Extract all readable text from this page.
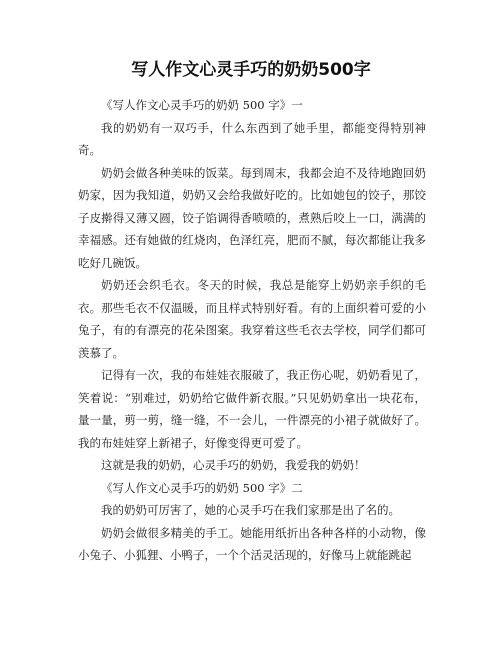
写人作文心灵手巧的奶奶500字

《写人作文心灵手巧的奶奶 500 字》一

我的奶奶有一双巧手，什么东西到了她手里，都能变得特别神奇。

奶奶会做各种美味的饭菜。每到周末，我都会迫不及待地跑回奶奶家，因为我知道，奶奶又会给我做好吃的。比如她包的饺子，那饺子皮擀得又薄又圆，饺子馅调得香喷喷的，煮熟后咬上一口，满满的幸福感。还有她做的红烧肉，色泽红亮，肥而不腻，每次都能让我多吃好几碗饭。

奶奶还会织毛衣。冬天的时候，我总是能穿上奶奶亲手织的毛衣。那些毛衣不仅温暖，而且样式特别好看。有的上面织着可爱的小兔子，有的有漂亮的花朵图案。我穿着这些毛衣去学校，同学们都可羡慕了。

记得有一次，我的布娃娃衣服破了，我正伤心呢，奶奶看见了，笑着说：“别难过，奶奶给它做件新衣服。”只见奶奶拿出一块花布，量一量，剪一剪，缝一缝，不一会儿，一件漂亮的小裙子就做好了。我的布娃娃穿上新裙子，好像变得更可爱了。

这就是我的奶奶，心灵手巧的奶奶，我爱我的奶奶！

《写人作文心灵手巧的奶奶 500 字》二

我的奶奶可厉害了，她的心灵手巧在我们家那是出了名的。

奶奶会做很多精美的手工。她能用纸折出各种各样的小动物，像小兔子、小狐狸、小鸭子，一个个活灵活现的，好像马上就能跳起
